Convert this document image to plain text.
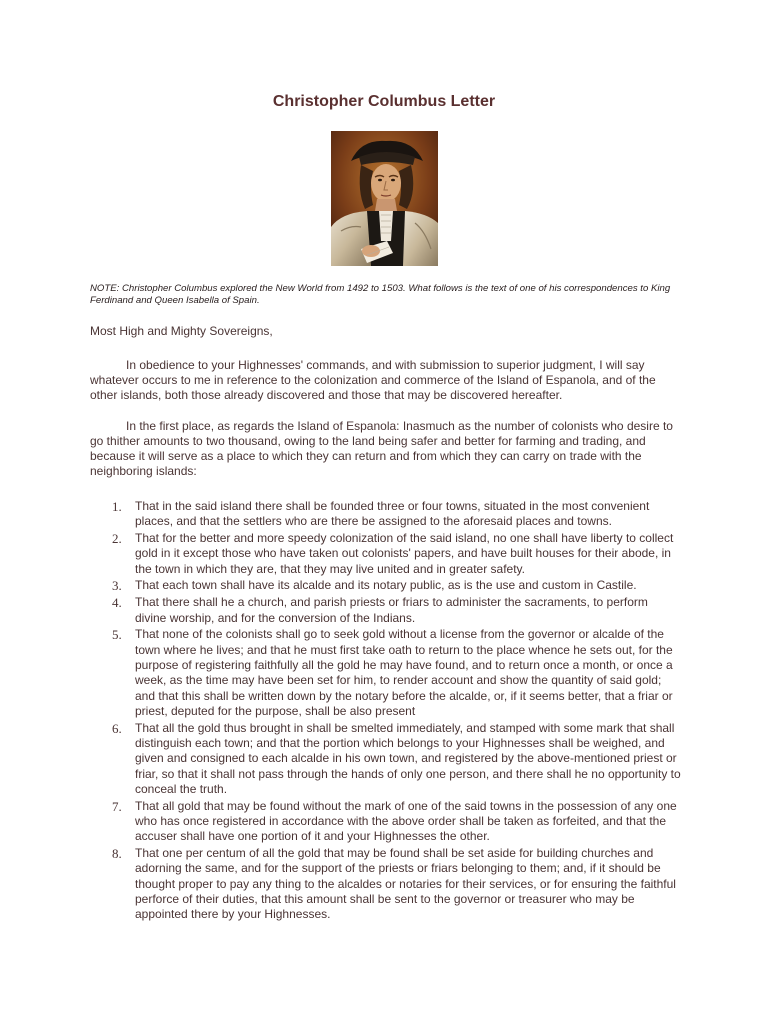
Christopher Columbus Letter

NOTE: Christopher Columbus explored the New World from 1492 to 1503. What follows is the text of one of his correspondences to King Ferdinand and Queen Isabella of Spain.

Most High and Mighty Sovereigns,

In obedience to your Highnesses' commands, and with submission to superior judgment, I will say whatever occurs to me in reference to the colonization and commerce of the Island of Espanola, and of the other islands, both those already discovered and those that may be discovered hereafter.

In the first place, as regards the Island of Espanola: Inasmuch as the number of colonists who desire to go thither amounts to two thousand, owing to the land being safer and better for farming and trading, and because it will serve as a place to which they can return and from which they can carry on trade with the neighboring islands:

1. That in the said island there shall be founded three or four towns, situated in the most convenient places, and that the settlers who are there be assigned to the aforesaid places and towns.
2. That for the better and more speedy colonization of the said island, no one shall have liberty to collect gold in it except those who have taken out colonists' papers, and have built houses for their abode, in the town in which they are, that they may live united and in greater safety.
3. That each town shall have its alcalde and its notary public, as is the use and custom in Castile.
4. That there shall he a church, and parish priests or friars to administer the sacraments, to perform divine worship, and for the conversion of the Indians.
5. That none of the colonists shall go to seek gold without a license from the governor or alcalde of the town where he lives; and that he must first take oath to return to the place whence he sets out, for the purpose of registering faithfully all the gold he may have found, and to return once a month, or once a week, as the time may have been set for him, to render account and show the quantity of said gold; and that this shall be written down by the notary before the alcalde, or, if it seems better, that a friar or priest, deputed for the purpose, shall be also present
6. That all the gold thus brought in shall be smelted immediately, and stamped with some mark that shall distinguish each town; and that the portion which belongs to your Highnesses shall be weighed, and given and consigned to each alcalde in his own town, and registered by the above-mentioned priest or friar, so that it shall not pass through the hands of only one person, and there shall he no opportunity to conceal the truth.
7. That all gold that may be found without the mark of one of the said towns in the possession of any one who has once registered in accordance with the above order shall be taken as forfeited, and that the accuser shall have one portion of it and your Highnesses the other.
8. That one per centum of all the gold that may be found shall be set aside for building churches and adorning the same, and for the support of the priests or friars belonging to them; and, if it should be thought proper to pay any thing to the alcaldes or notaries for their services, or for ensuring the faithful perforce of their duties, that this amount shall be sent to the governor or treasurer who may be appointed there by your Highnesses.
